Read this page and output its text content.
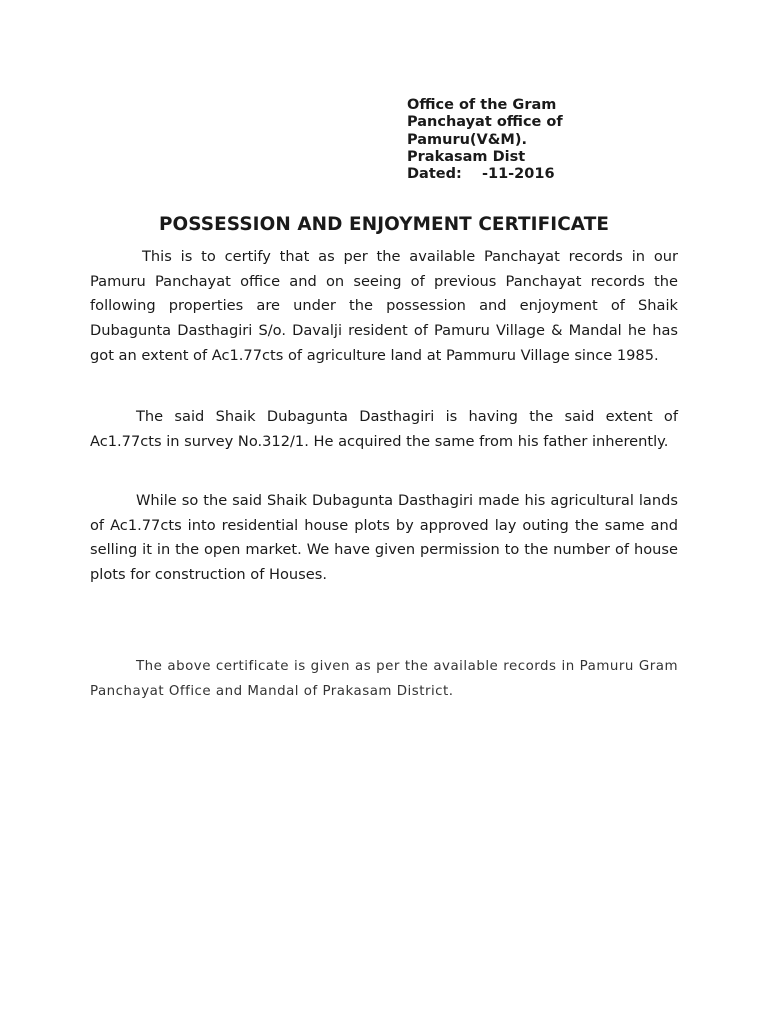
Office of the Gram
Panchayat office of
Pamuru(V&M).
Prakasam Dist
Dated:    -11-2016
POSSESSION AND ENJOYMENT CERTIFICATE

This is to certify that as per the available Panchayat records in our Pamuru Panchayat office and on seeing of previous Panchayat records the following properties are under the possession and enjoyment of Shaik Dubagunta Dasthagiri S/o. Davalji resident of Pamuru Village & Mandal he has got an extent of Ac1.77cts of agriculture land at Pammuru Village since 1985.

The said Shaik Dubagunta Dasthagiri is having the said extent of Ac1.77cts in survey No.312/1. He acquired the same from his father inherently.

While so the said Shaik Dubagunta Dasthagiri made his agricultural lands of Ac1.77cts into residential house plots by approved lay outing the same and selling it in the open market. We have given permission to the number of house plots for construction of Houses.

The above certificate is given as per the available records in Pamuru Gram Panchayat Office and Mandal of Prakasam District.
